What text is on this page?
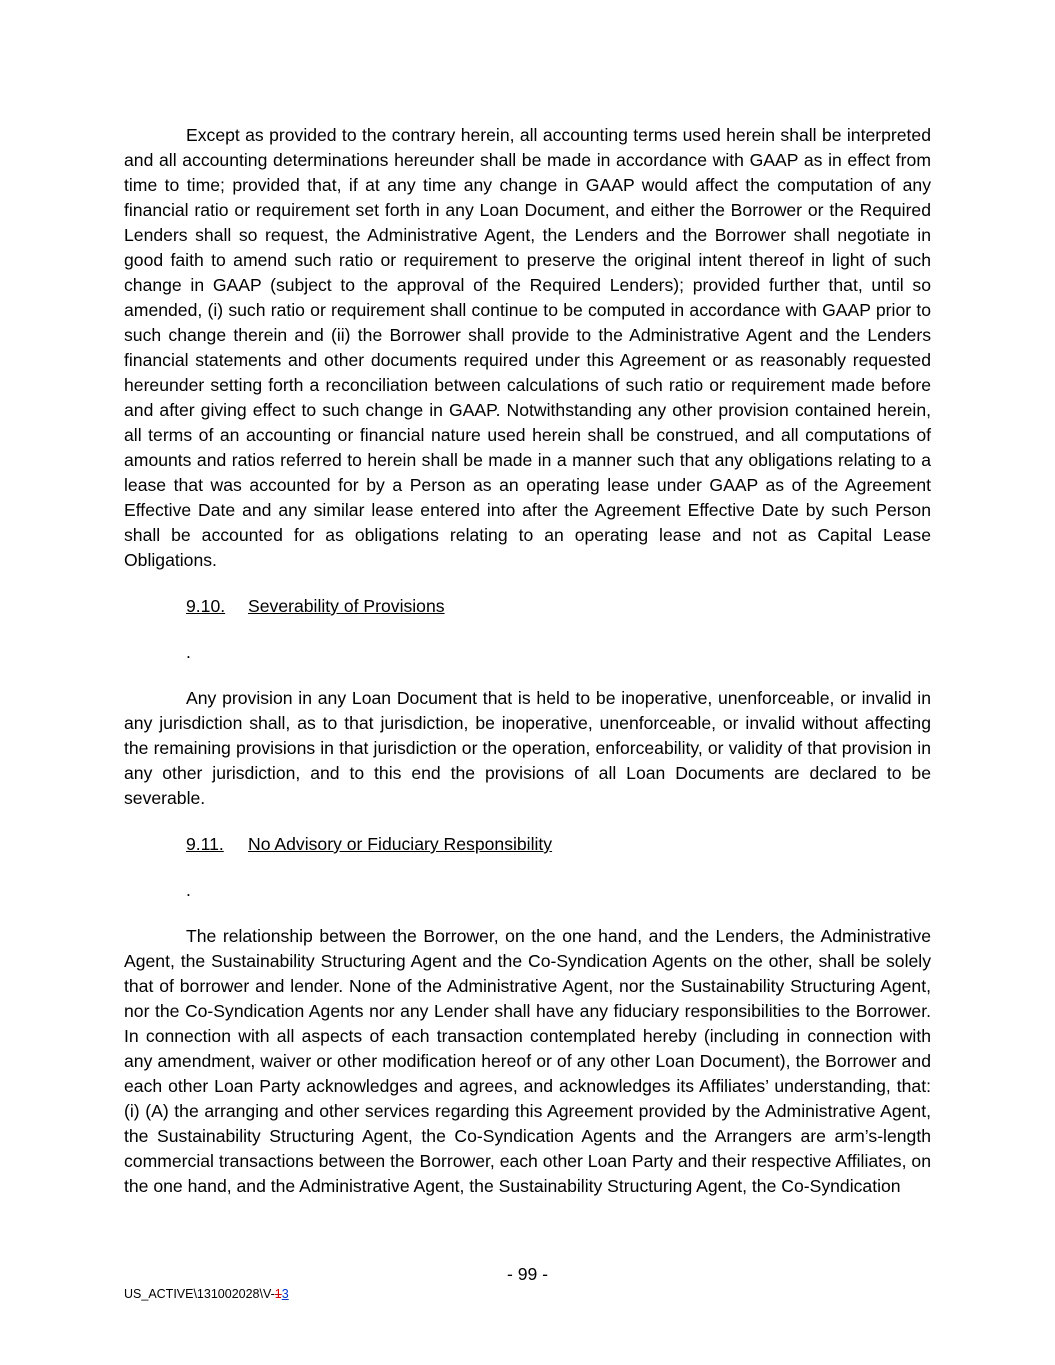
Except as provided to the contrary herein, all accounting terms used herein shall be interpreted and all accounting determinations hereunder shall be made in accordance with GAAP as in effect from time to time; provided that, if at any time any change in GAAP would affect the computation of any financial ratio or requirement set forth in any Loan Document, and either the Borrower or the Required Lenders shall so request, the Administrative Agent, the Lenders and the Borrower shall negotiate in good faith to amend such ratio or requirement to preserve the original intent thereof in light of such change in GAAP (subject to the approval of the Required Lenders); provided further that, until so amended, (i) such ratio or requirement shall continue to be computed in accordance with GAAP prior to such change therein and (ii) the Borrower shall provide to the Administrative Agent and the Lenders financial statements and other documents required under this Agreement or as reasonably requested hereunder setting forth a reconciliation between calculations of such ratio or requirement made before and after giving effect to such change in GAAP. Notwithstanding any other provision contained herein, all terms of an accounting or financial nature used herein shall be construed, and all computations of amounts and ratios referred to herein shall be made in a manner such that any obligations relating to a lease that was accounted for by a Person as an operating lease under GAAP as of the Agreement Effective Date and any similar lease entered into after the Agreement Effective Date by such Person shall be accounted for as obligations relating to an operating lease and not as Capital Lease Obligations.

9.10. Severability of Provisions

.

Any provision in any Loan Document that is held to be inoperative, unenforceable, or invalid in any jurisdiction shall, as to that jurisdiction, be inoperative, unenforceable, or invalid without affecting the remaining provisions in that jurisdiction or the operation, enforceability, or validity of that provision in any other jurisdiction, and to this end the provisions of all Loan Documents are declared to be severable.

9.11. No Advisory or Fiduciary Responsibility

.

The relationship between the Borrower, on the one hand, and the Lenders, the Administrative Agent, the Sustainability Structuring Agent and the Co-Syndication Agents on the other, shall be solely that of borrower and lender. None of the Administrative Agent, nor the Sustainability Structuring Agent, nor the Co-Syndication Agents nor any Lender shall have any fiduciary responsibilities to the Borrower. In connection with all aspects of each transaction contemplated hereby (including in connection with any amendment, waiver or other modification hereof or of any other Loan Document), the Borrower and each other Loan Party acknowledges and agrees, and acknowledges its Affiliates’ understanding, that: (i) (A) the arranging and other services regarding this Agreement provided by the Administrative Agent, the Sustainability Structuring Agent, the Co-Syndication Agents and the Arrangers are arm’s-length commercial transactions between the Borrower, each other Loan Party and their respective Affiliates, on the one hand, and the Administrative Agent, the Sustainability Structuring Agent, the Co-Syndication

- 99 -
US_ACTIVE\131002028\V-13
